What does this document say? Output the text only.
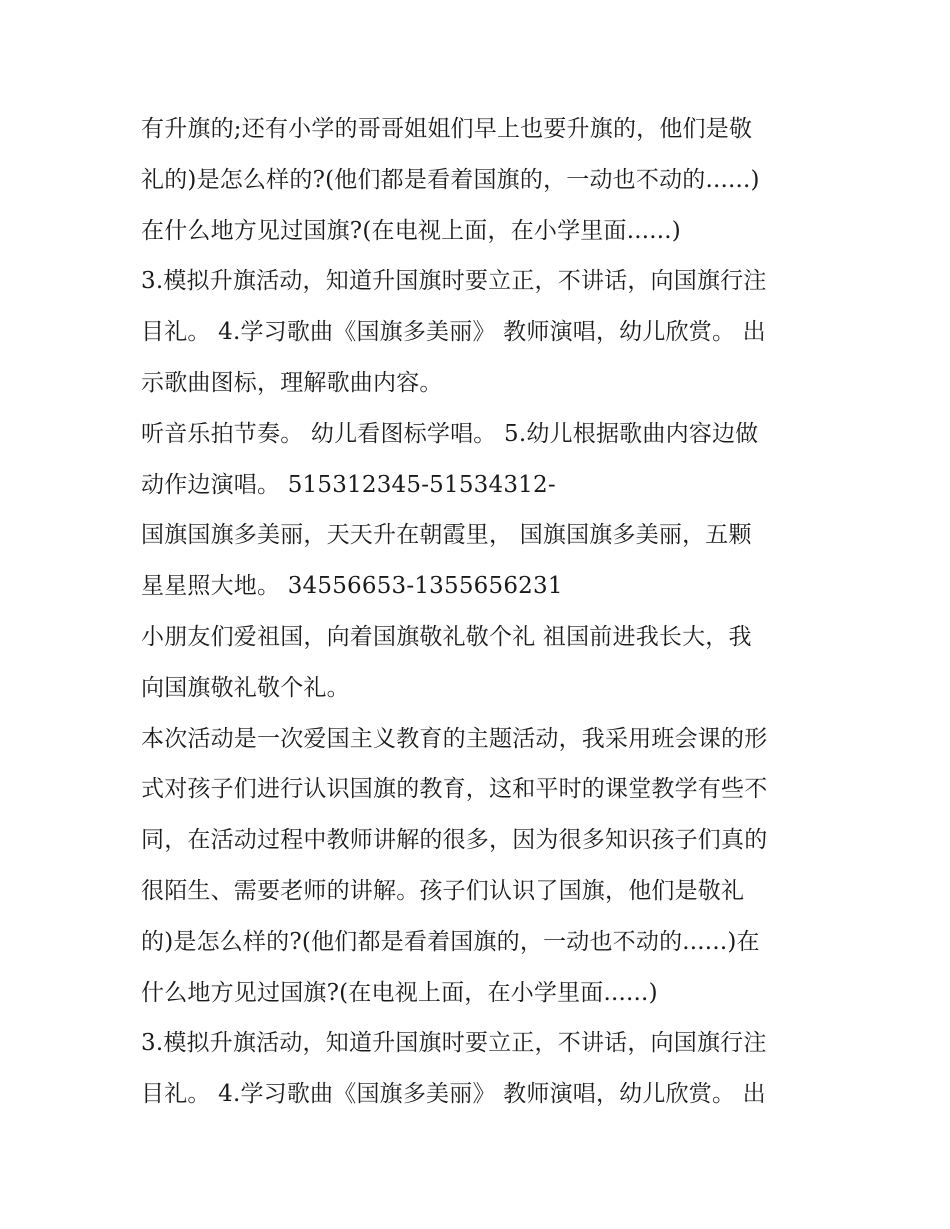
有升旗的;还有小学的哥哥姐姐们早上也要升旗的，他们是敬
礼的)是怎么样的?(他们都是看着国旗的，一动也不动的......)
在什么地方见过国旗?(在电视上面，在小学里面......)
3.模拟升旗活动，知道升国旗时要立正，不讲话，向国旗行注
目礼。 4.学习歌曲《国旗多美丽》 教师演唱，幼儿欣赏。 出
示歌曲图标，理解歌曲内容。
听音乐拍节奏。 幼儿看图标学唱。 5.幼儿根据歌曲内容边做
动作边演唱。 515312345-51534312-
国旗国旗多美丽，天天升在朝霞里， 国旗国旗多美丽，五颗
星星照大地。 34556653-1355656231
小朋友们爱祖国，向着国旗敬礼敬个礼 祖国前进我长大，我
向国旗敬礼敬个礼。
本次活动是一次爱国主义教育的主题活动，我采用班会课的形
式对孩子们进行认识国旗的教育，这和平时的课堂教学有些不
同，在活动过程中教师讲解的很多，因为很多知识孩子们真的
很陌生、需要老师的讲解。孩子们认识了国旗，他们是敬礼
的)是怎么样的?(他们都是看着国旗的，一动也不动的......)在
什么地方见过国旗?(在电视上面，在小学里面......)
3.模拟升旗活动，知道升国旗时要立正，不讲话，向国旗行注
目礼。 4.学习歌曲《国旗多美丽》 教师演唱，幼儿欣赏。 出
